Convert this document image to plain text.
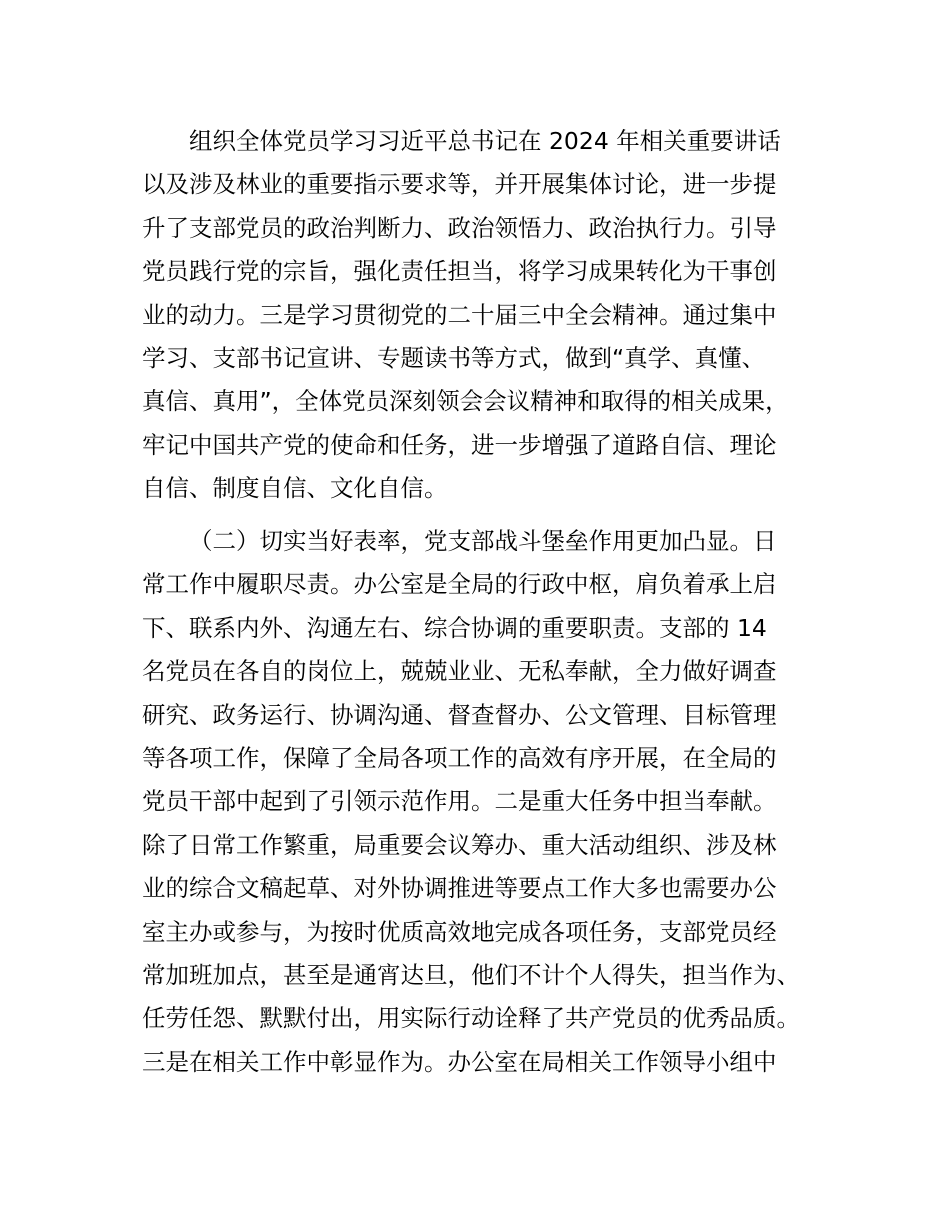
组织全体党员学习习近平总书记在 2024 年相关重要讲话
以及涉及林业的重要指示要求等，并开展集体讨论，进一步提
升了支部党员的政治判断力、政治领悟力、政治执行力。引导
党员践行党的宗旨，强化责任担当，将学习成果转化为干事创
业的动力。三是学习贯彻党的二十届三中全会精神。通过集中
学习、支部书记宣讲、专题读书等方式，做到“真学、真懂、
真信、真用”，全体党员深刻领会会议精神和取得的相关成果，
牢记中国共产党的使命和任务，进一步增强了道路自信、理论
自信、制度自信、文化自信。
（二）切实当好表率，党支部战斗堡垒作用更加凸显。日
常工作中履职尽责。办公室是全局的行政中枢，肩负着承上启
下、联系内外、沟通左右、综合协调的重要职责。支部的 14
名党员在各自的岗位上，兢兢业业、无私奉献，全力做好调查
研究、政务运行、协调沟通、督查督办、公文管理、目标管理
等各项工作，保障了全局各项工作的高效有序开展，在全局的
党员干部中起到了引领示范作用。二是重大任务中担当奉献。
除了日常工作繁重，局重要会议筹办、重大活动组织、涉及林
业的综合文稿起草、对外协调推进等要点工作大多也需要办公
室主办或参与，为按时优质高效地完成各项任务，支部党员经
常加班加点，甚至是通宵达旦，他们不计个人得失，担当作为、
任劳任怨、默默付出，用实际行动诠释了共产党员的优秀品质。
三是在相关工作中彰显作为。办公室在局相关工作领导小组中
